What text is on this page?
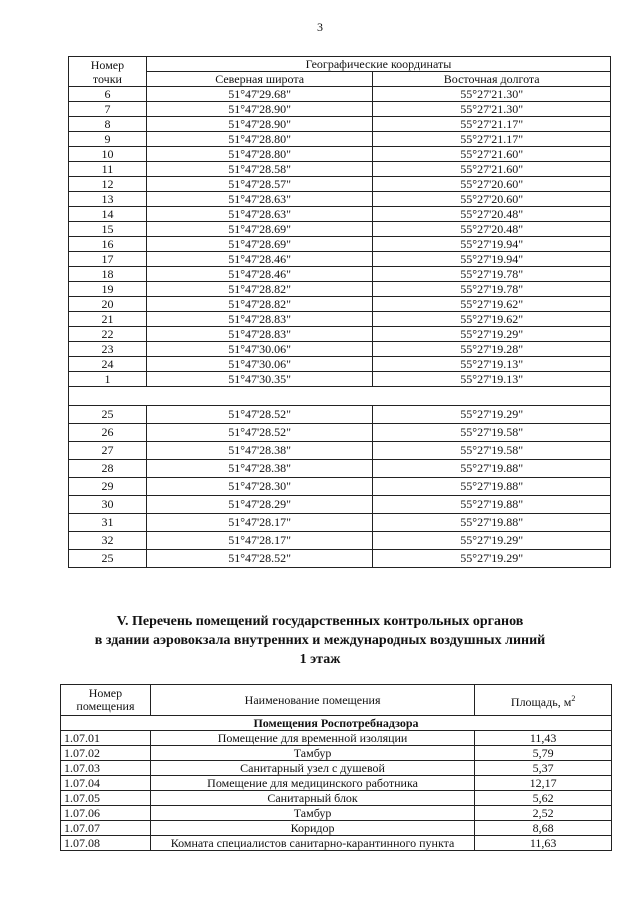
3
Номер
точки	Географические координаты	
	Северная широта	Восточная долгота
6	51°47'29.68"	55°27'21.30"
7	51°47'28.90"	55°27'21.30"
8	51°47'28.90"	55°27'21.17"
9	51°47'28.80"	55°27'21.17"
10	51°47'28.80"	55°27'21.60"
11	51°47'28.58"	55°27'21.60"
12	51°47'28.57"	55°27'20.60"
13	51°47'28.63"	55°27'20.60"
14	51°47'28.63"	55°27'20.48"
15	51°47'28.69"	55°27'20.48"
16	51°47'28.69"	55°27'19.94"
17	51°47'28.46"	55°27'19.94"
18	51°47'28.46"	55°27'19.78"
19	51°47'28.82"	55°27'19.78"
20	51°47'28.82"	55°27'19.62"
21	51°47'28.83"	55°27'19.62"
22	51°47'28.83"	55°27'19.29"
23	51°47'30.06"	55°27'19.28"
24	51°47'30.06"	55°27'19.13"
1	51°47'30.35"	55°27'19.13"

25	51°47'28.52"	55°27'19.29"
26	51°47'28.52"	55°27'19.58"
27	51°47'28.38"	55°27'19.58"
28	51°47'28.38"	55°27'19.88"
29	51°47'28.30"	55°27'19.88"
30	51°47'28.29"	55°27'19.88"
31	51°47'28.17"	55°27'19.88"
32	51°47'28.17"	55°27'19.29"
25	51°47'28.52"	55°27'19.29"
V. Перечень помещений государственных контрольных органов
в здании аэровокзала внутренних и международных воздушных линий
1 этаж
Номер
помещения	Наименование помещения	Площадь, $м^2$
Помещения Роспотребнадзора		
1.07.01	Помещение для временной изоляции	11,43
1.07.02	Тамбур	5,79
1.07.03	Санитарный узел с душевой	5,37
1.07.04	Помещение для медицинского работника	12,17
1.07.05	Санитарный блок	5,62
1.07.06	Тамбур	2,52
1.07.07	Коридор	8,68
1.07.08	Комната специалистов санитарно-карантинного пункта	11,63
